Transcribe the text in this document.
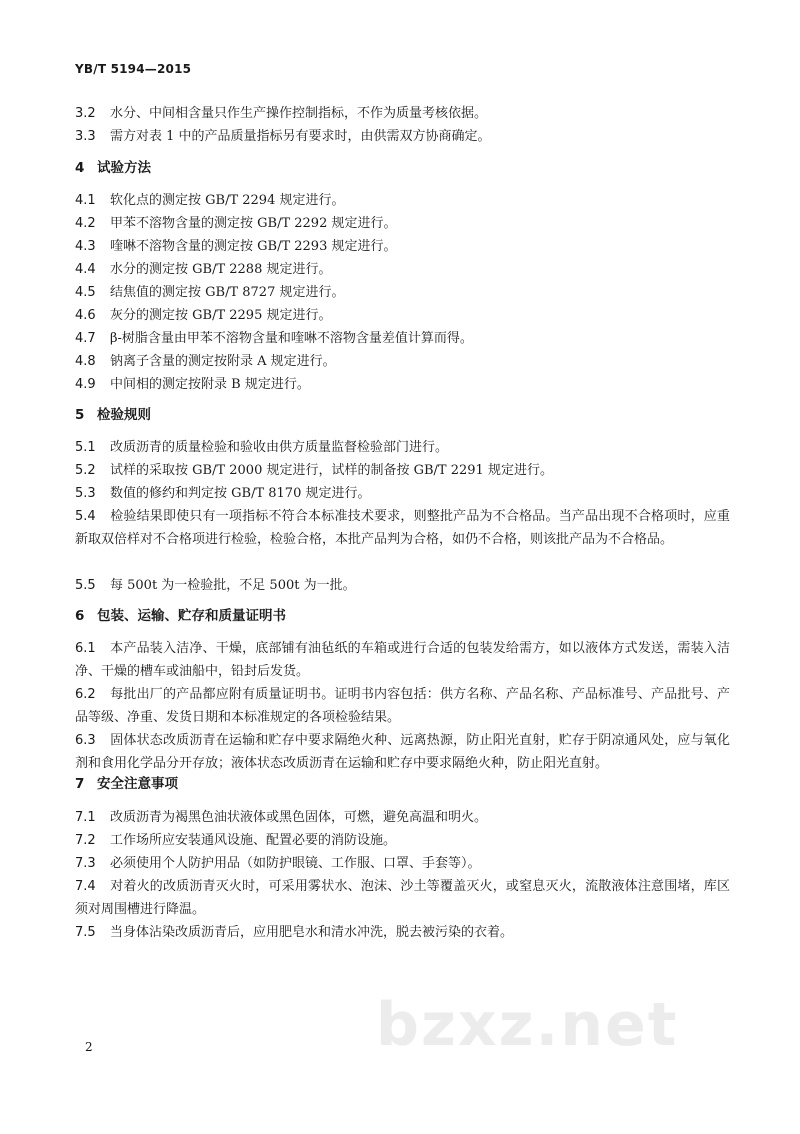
YB/T 5194—2015
3.2 水分、中间相含量只作生产操作控制指标，不作为质量考核依据。
3.3 需方对表 1 中的产品质量指标另有要求时，由供需双方协商确定。
4 试验方法
4.1 软化点的测定按 GB/T 2294 规定进行。
4.2 甲苯不溶物含量的测定按 GB/T 2292 规定进行。
4.3 喹啉不溶物含量的测定按 GB/T 2293 规定进行。
4.4 水分的测定按 GB/T 2288 规定进行。
4.5 结焦值的测定按 GB/T 8727 规定进行。
4.6 灰分的测定按 GB/T 2295 规定进行。
4.7 β-树脂含量由甲苯不溶物含量和喹啉不溶物含量差值计算而得。
4.8 钠离子含量的测定按附录 A 规定进行。
4.9 中间相的测定按附录 B 规定进行。
5 检验规则
5.1 改质沥青的质量检验和验收由供方质量监督检验部门进行。
5.2 试样的采取按 GB/T 2000 规定进行，试样的制备按 GB/T 2291 规定进行。
5.3 数值的修约和判定按 GB/T 8170 规定进行。
5.4 检验结果即使只有一项指标不符合本标准技术要求，则整批产品为不合格品。当产品出现不合格项时，应重新取双倍样对不合格项进行检验，检验合格，本批产品判为合格，如仍不合格，则该批产品为不合格品。
5.5 每 500t 为一检验批，不足 500t 为一批。
6 包装、运输、贮存和质量证明书
6.1 本产品装入洁净、干燥，底部铺有油毡纸的车箱或进行合适的包装发给需方，如以液体方式发送，需装入洁净、干燥的槽车或油船中，铅封后发货。
6.2 每批出厂的产品都应附有质量证明书。证明书内容包括：供方名称、产品名称、产品标准号、产品批号、产品等级、净重、发货日期和本标准规定的各项检验结果。
6.3 固体状态改质沥青在运输和贮存中要求隔绝火种、远离热源，防止阳光直射，贮存于阴凉通风处，应与氧化剂和食用化学品分开存放；液体状态改质沥青在运输和贮存中要求隔绝火种，防止阳光直射。
7 安全注意事项
7.1 改质沥青为褐黑色油状液体或黑色固体，可燃，避免高温和明火。
7.2 工作场所应安装通风设施、配置必要的消防设施。
7.3 必须使用个人防护用品（如防护眼镜、工作服、口罩、手套等）。
7.4 对着火的改质沥青灭火时，可采用雾状水、泡沫、沙土等覆盖灭火，或窒息灭火，流散液体注意围堵，库区须对周围槽进行降温。
7.5 当身体沾染改质沥青后，应用肥皂水和清水冲洗，脱去被污染的衣着。
bzxz.net
2
